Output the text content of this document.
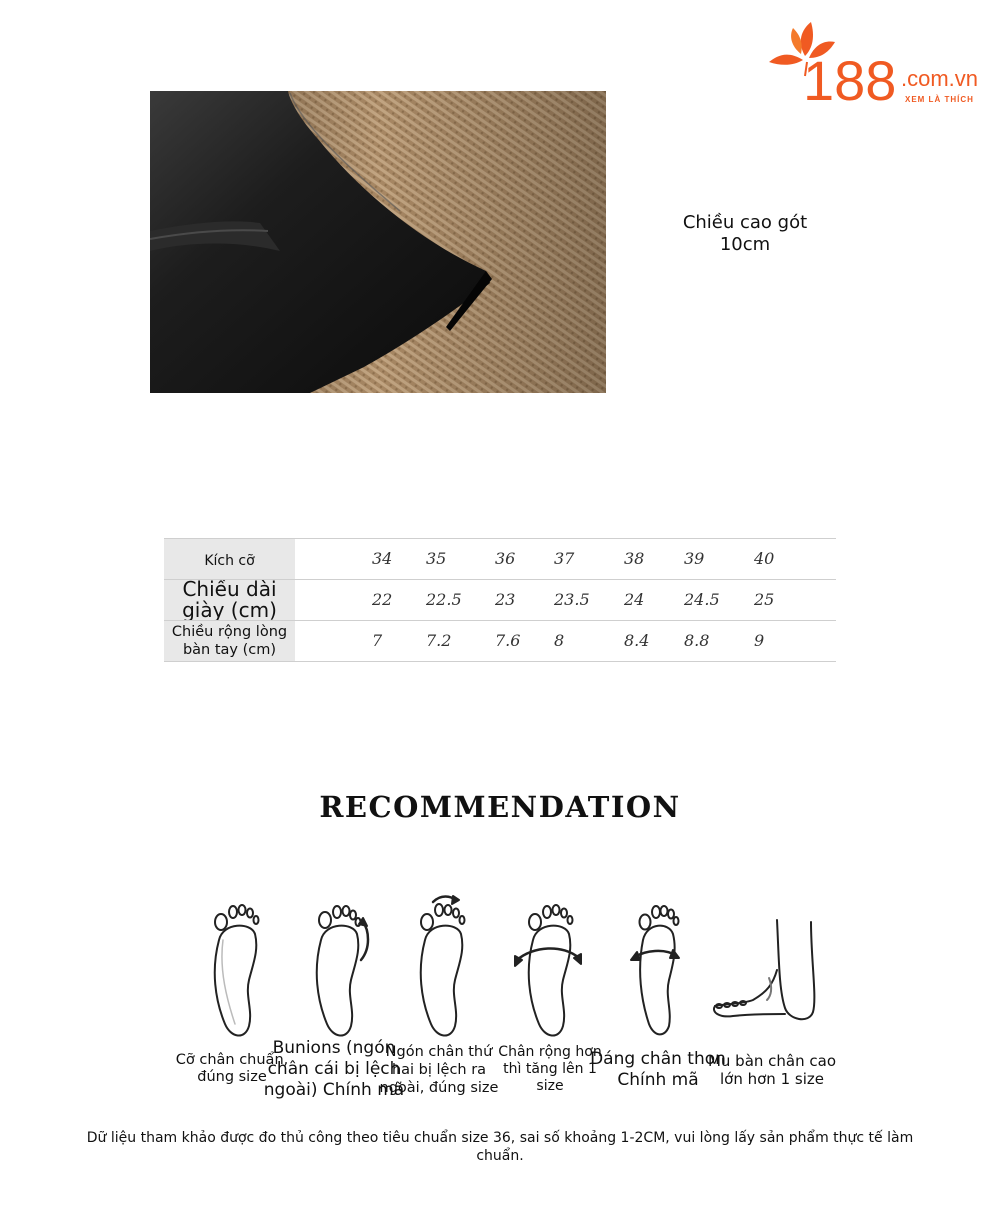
188 .com.vn
XEM LÀ THÍCH
Chiều cao gót
10cm
Kích cỡ	34 35	36 37	38 39	40
Chiều dài giày (cm)	22 22.5 23 23.5 24 24.5 25
Chiều rộng lòng bàn tay (cm)	7	7.2	7.6 8	8.4 8.8	9
RECOMMENDATION
Cỡ chân chuẩn, đúng size
Bunions (ngón chân cái bị lệch ngoài) Chính mã
Ngón chân thứ hai bị lệch ra ngoài, đúng size
Chân rộng hơn thì tăng lên 1 size
Dáng chân thon Chính mã
Mu bàn chân cao lớn hơn 1 size
Dữ liệu tham khảo được đo thủ công theo tiêu chuẩn size 36, sai số khoảng 1-2CM, vui lòng lấy sản phẩm thực tế làm chuẩn.
